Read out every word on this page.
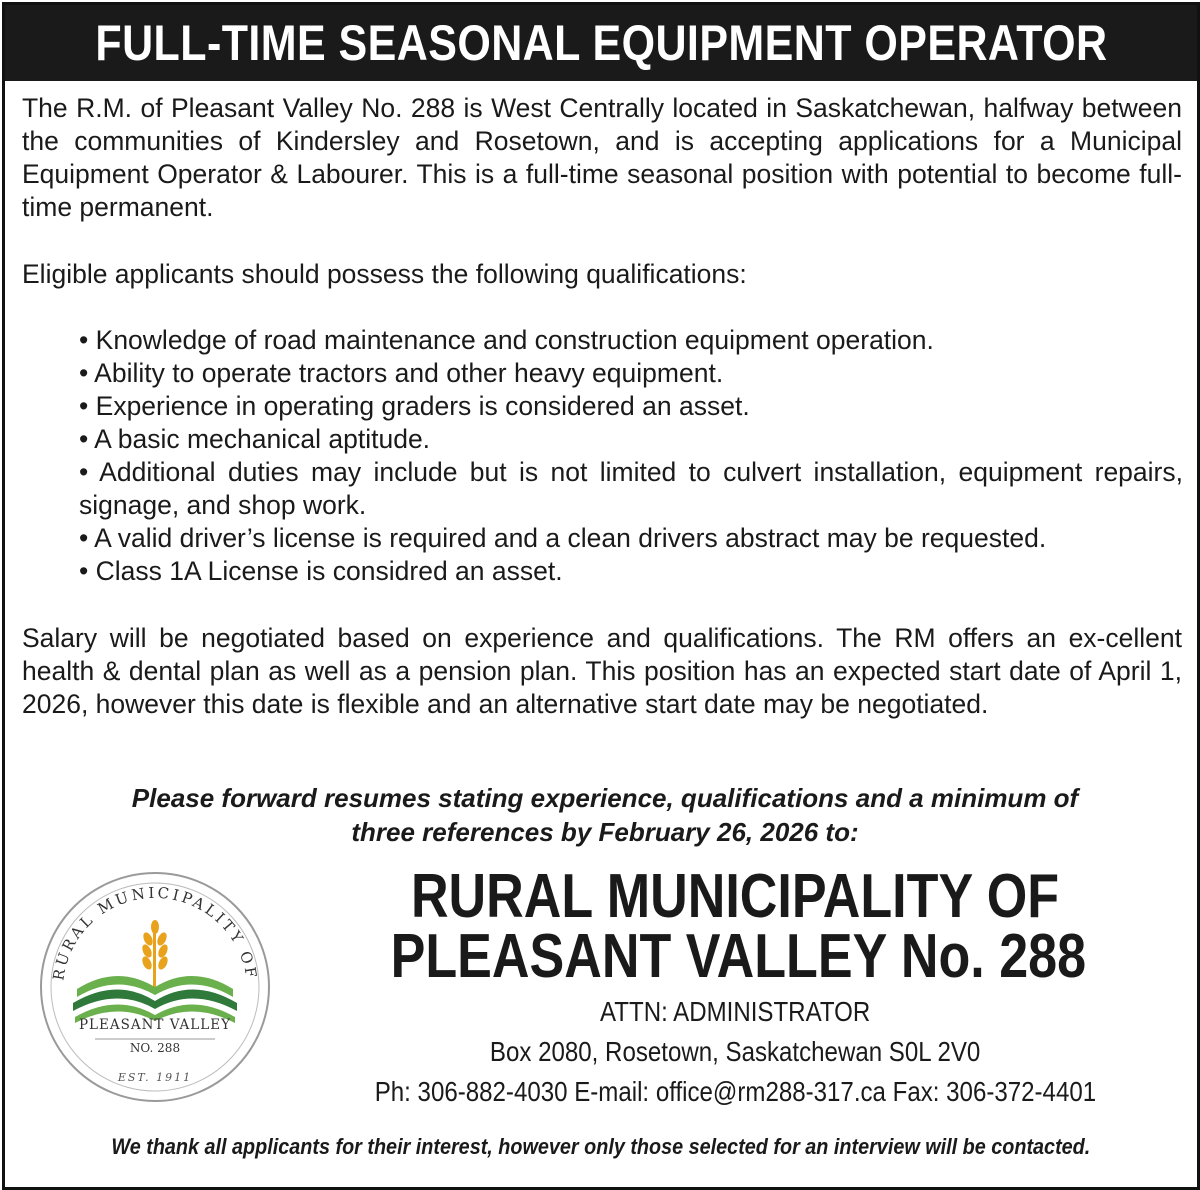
FULL-TIME SEASONAL EQUIPMENT OPERATOR
The R.M. of Pleasant Valley No. 288 is West Centrally located in Saskatchewan, halfway between the communities of Kindersley and Rosetown, and is accepting applications for a Municipal Equipment Operator & Labourer. This is a full-time seasonal position with potential to become full-time permanent.
Eligible applicants should possess the following qualifications:
• Knowledge of road maintenance and construction equipment operation.
• Ability to operate tractors and other heavy equipment.
• Experience in operating graders is considered an asset.
• A basic mechanical aptitude.
• Additional duties may include but is not limited to culvert installation, equipment repairs, signage, and shop work.
• A valid driver’s license is required and a clean drivers abstract may be requested.
• Class 1A License is considred an asset.
Salary will be negotiated based on experience and qualifications. The RM offers an ex-cellent health & dental plan as well as a pension plan. This position has an expected start date of April 1, 2026, however this date is flexible and an alternative start date may be negotiated.
Please forward resumes stating experience, qualifications and a minimum of
three references by February 26, 2026 to:
RURAL MUNICIPALITY OF
PLEASANT VALLEY
NO. 288
EST. 1911
RURAL MUNICIPALITY OF
PLEASANT VALLEY No. 288
ATTN: ADMINISTRATOR
Box 2080, Rosetown, Saskatchewan S0L 2V0
Ph: 306-882-4030 E-mail: office@rm288-317.ca Fax: 306-372-4401
We thank all applicants for their interest, however only those selected for an interview will be contacted.
